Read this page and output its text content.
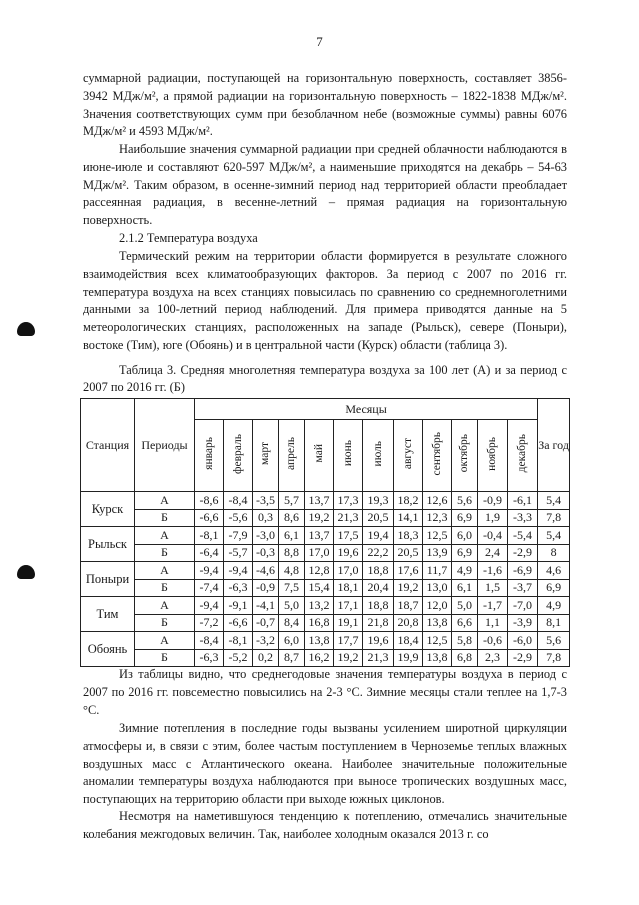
7

суммарной радиации, поступающей на горизонтальную поверхность, составляет 3856-3942 МДж/м², а прямой радиации на горизонтальную поверхность – 1822-1838 МДж/м². Значения соответствующих сумм при безоблачном небе (возможные суммы) равны 6076 МДж/м² и 4593 МДж/м².

Наибольшие значения суммарной радиации при средней облачности наблюдаются в июне-июле и составляют 620-597 МДж/м², а наименьшие приходятся на декабрь – 54-63 МДж/м². Таким образом, в осенне-зимний период над территорией области преобладает рассеянная радиация, в весенне-летний – прямая радиация на горизонтальную поверхность.

2.1.2 Температура воздуха

Термический режим на территории области формируется в результате сложного взаимодействия всех климатообразующих факторов. За период с 2007 по 2016 гг. температура воздуха на всех станциях повысилась по сравнению со среднемноголетними данными за 100-летний период наблюдений. Для примера приводятся данные на 5 метеорологических станциях, расположенных на западе (Рыльск), севере (Поныри), востоке (Тим), юге (Обоянь) и в центральной части (Курск) области (таблица 3).

Таблица 3. Средняя многолетняя температура воздуха за 100 лет (А) и за период с 2007 по 2016 гг. (Б)

Станция	Периоды	Месяцы												За год
		январь	февраль	март	апрель	май	июнь	июль	август	сентябрь	октябрь	ноябрь	декабрь	
Курск	А	-8,6	-8,4	-3,5	5,7	13,7	17,3	19,3	18,2	12,6	5,6	-0,9	-6,1	5,4
	Б	-6,6	-5,6	0,3	8,6	19,2	21,3	20,5	14,1	12,3	6,9	1,9	-3,3	7,8
Рыльск	А	-8,1	-7,9	-3,0	6,1	13,7	17,5	19,4	18,3	12,5	6,0	-0,4	-5,4	5,4
	Б	-6,4	-5,7	-0,3	8,8	17,0	19,6	22,2	20,5	13,9	6,9	2,4	-2,9	8
Поныри	А	-9,4	-9,4	-4,6	4,8	12,8	17,0	18,8	17,6	11,7	4,9	-1,6	-6,9	4,6
	Б	-7,4	-6,3	-0,9	7,5	15,4	18,1	20,4	19,2	13,0	6,1	1,5	-3,7	6,9
Тим	А	-9,4	-9,1	-4,1	5,0	13,2	17,1	18,8	18,7	12,0	5,0	-1,7	-7,0	4,9
	Б	-7,2	-6,6	-0,7	8,4	16,8	19,1	21,8	20,8	13,8	6,6	1,1	-3,9	8,1
Обоянь	А	-8,4	-8,1	-3,2	6,0	13,8	17,7	19,6	18,4	12,5	5,8	-0,6	-6,0	5,6
	Б	-6,3	-5,2	0,2	8,7	16,2	19,2	21,3	19,9	13,8	6,8	2,3	-2,9	7,8

Из таблицы видно, что среднегодовые значения температуры воздуха в период с 2007 по 2016 гг. повсеместно повысились на 2-3 °С. Зимние месяцы стали теплее на 1,7-3 °С.

Зимние потепления в последние годы вызваны усилением широтной циркуляции атмосферы и, в связи с этим, более частым поступлением в Черноземье теплых влажных воздушных масс с Атлантического океана. Наиболее значительные положительные аномалии температуры воздуха наблюдаются при выносе тропических воздушных масс, поступающих на территорию области при выходе южных циклонов.

Несмотря на наметившуюся тенденцию к потеплению, отмечались значительные колебания межгодовых величин. Так, наиболее холодным оказался 2013 г. со
